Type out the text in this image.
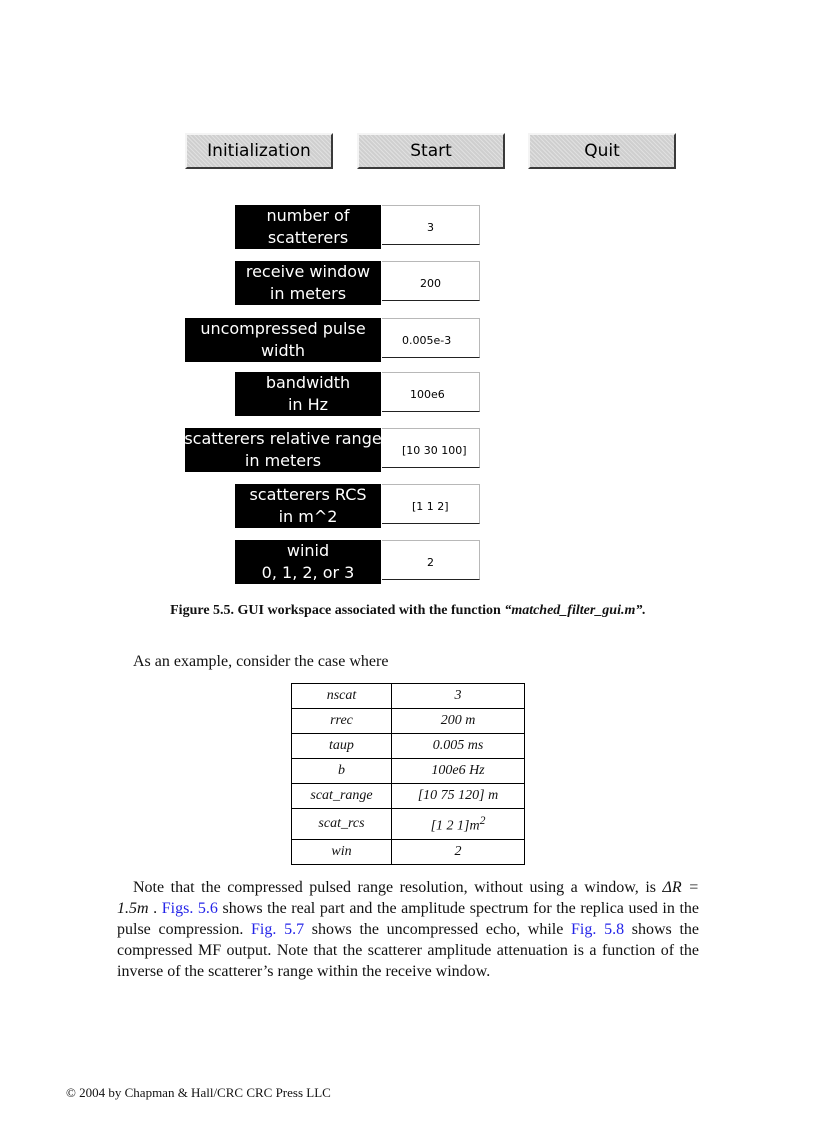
Initialization	Start	Quit
number of
scatterers
3
receive window
in meters
200
uncompressed pulse
width
0.005e-3
bandwidth
in Hz
100e6
scatterers relative range
in meters
[10 30 100]
scatterers RCS
in m^2
[1 1 2]
winid
0, 1, 2, or 3
2
Figure 5.5. GUI workspace associated with the function “matched_filter_gui.m”.
As an example, consider the case where
nscat	3
rrec	200 m
taup	0.005 ms
b	100e6 Hz
scat_range	[10 75 120] m
scat_rcs	[1 2 $1]m^2$
win	2
Note that the compressed pulsed range resolution, without using a window, is ΔR = 1.5m . Figs. 5.6 shows the real part and the amplitude spectrum for the replica used in the pulse compression. Fig. 5.7 shows the uncompressed echo, while Fig. 5.8 shows the compressed MF output. Note that the scatterer amplitude attenuation is a function of the inverse of the scatterer’s range within the receive window.
© 2004 by Chapman & Hall/CRC CRC Press LLC
